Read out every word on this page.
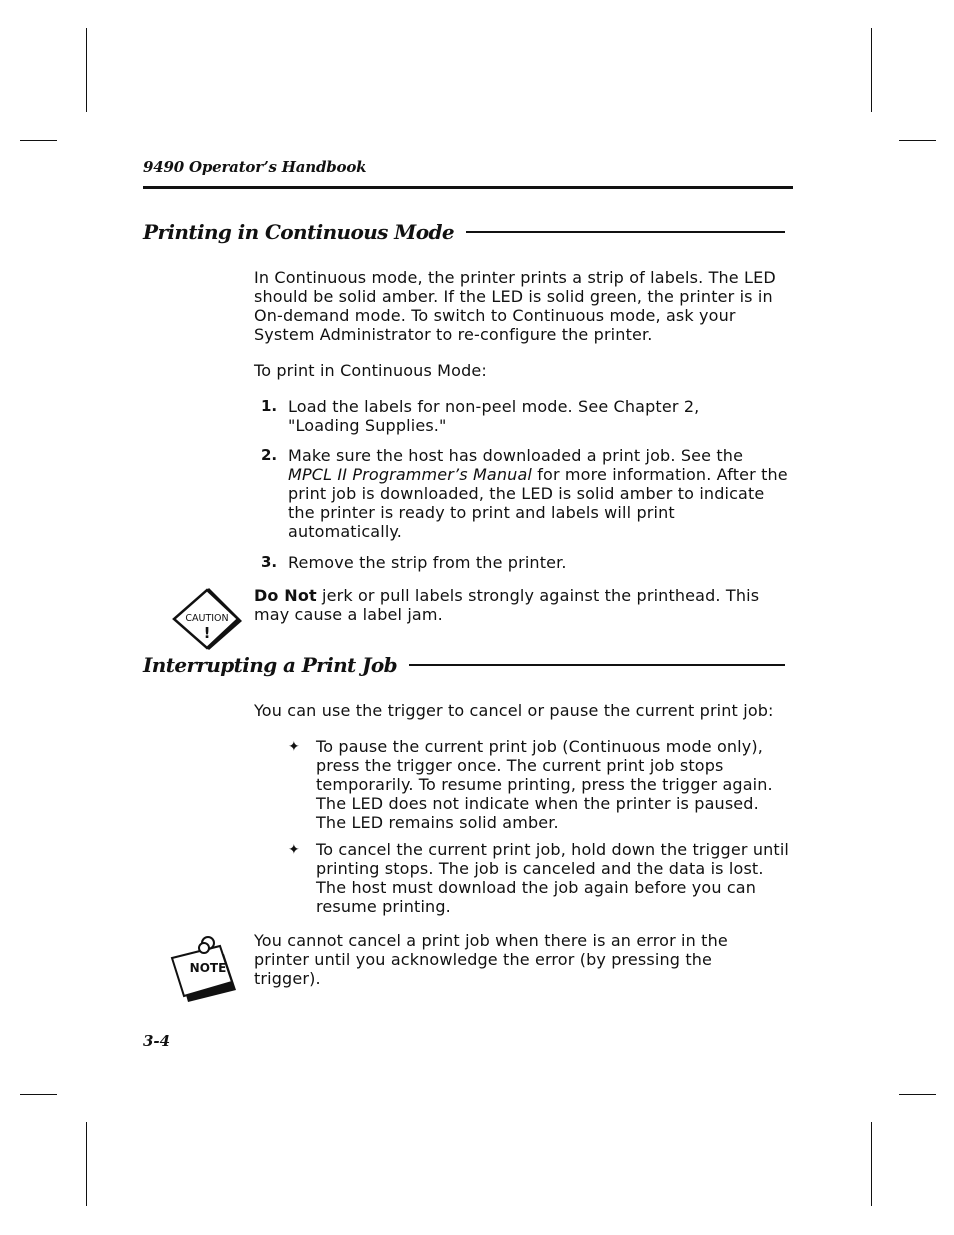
9490 Operator’s Handbook
Printing in Continuous Mode

In Continuous mode, the printer prints a strip of labels. The LED should be solid amber. If the LED is solid green, the printer is in On-demand mode. To switch to Continuous mode, ask your System Administrator to re-configure the printer.

To print in Continuous Mode:

1. Load the labels for non-peel mode. See Chapter 2, "Loading Supplies."

2. Make sure the host has downloaded a print job. See the
MPCL II Programmer’s Manual for more information. After the print job is downloaded, the LED is solid amber to indicate the printer is ready to print and labels will print automatically.

3. Remove the strip from the printer.

CAUTION
!

Do Not jerk or pull labels strongly against the printhead. This may cause a label jam.

Interrupting a Print Job

You can use the trigger to cancel or pause the current print job:

✦ To pause the current print job (Continuous mode only), press the trigger once. The current print job stops temporarily. To resume printing, press the trigger again. The LED does not indicate when the printer is paused. The LED remains solid amber.

✦ To cancel the current print job, hold down the trigger until printing stops. The job is canceled and the data is lost. The host must download the job again before you can resume printing.

NOTE

You cannot cancel a print job when there is an error in the printer until you acknowledge the error (by pressing the trigger).

3-4
